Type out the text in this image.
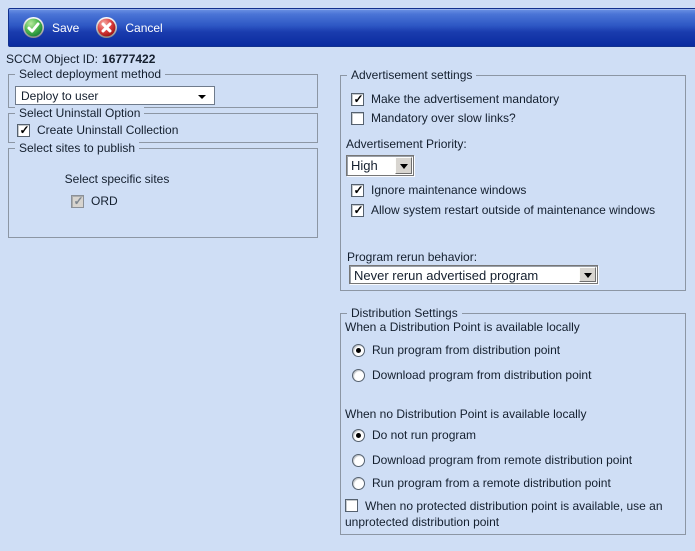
Save	Cancel
SCCM Object ID: 16777422
Select deployment method
Deploy to user
Select Uninstall Option
✓
Create Uninstall Collection
Select sites to publish
Select specific sites
✓
ORD
Advertisement settings
✓
Make the advertisement mandatory
Mandatory over slow links?
Advertisement Priority:
High
✓
Ignore maintenance windows
✓
Allow system restart outside of maintenance windows
Program rerun behavior:
Never rerun advertised program
Distribution Settings
When a Distribution Point is available locally
Run program from distribution point
Download program from distribution point
When no Distribution Point is available locally
Do not run program
Download program from remote distribution point
Run program from a remote distribution point
When no protected distribution point is available, use an unprotected distribution point
